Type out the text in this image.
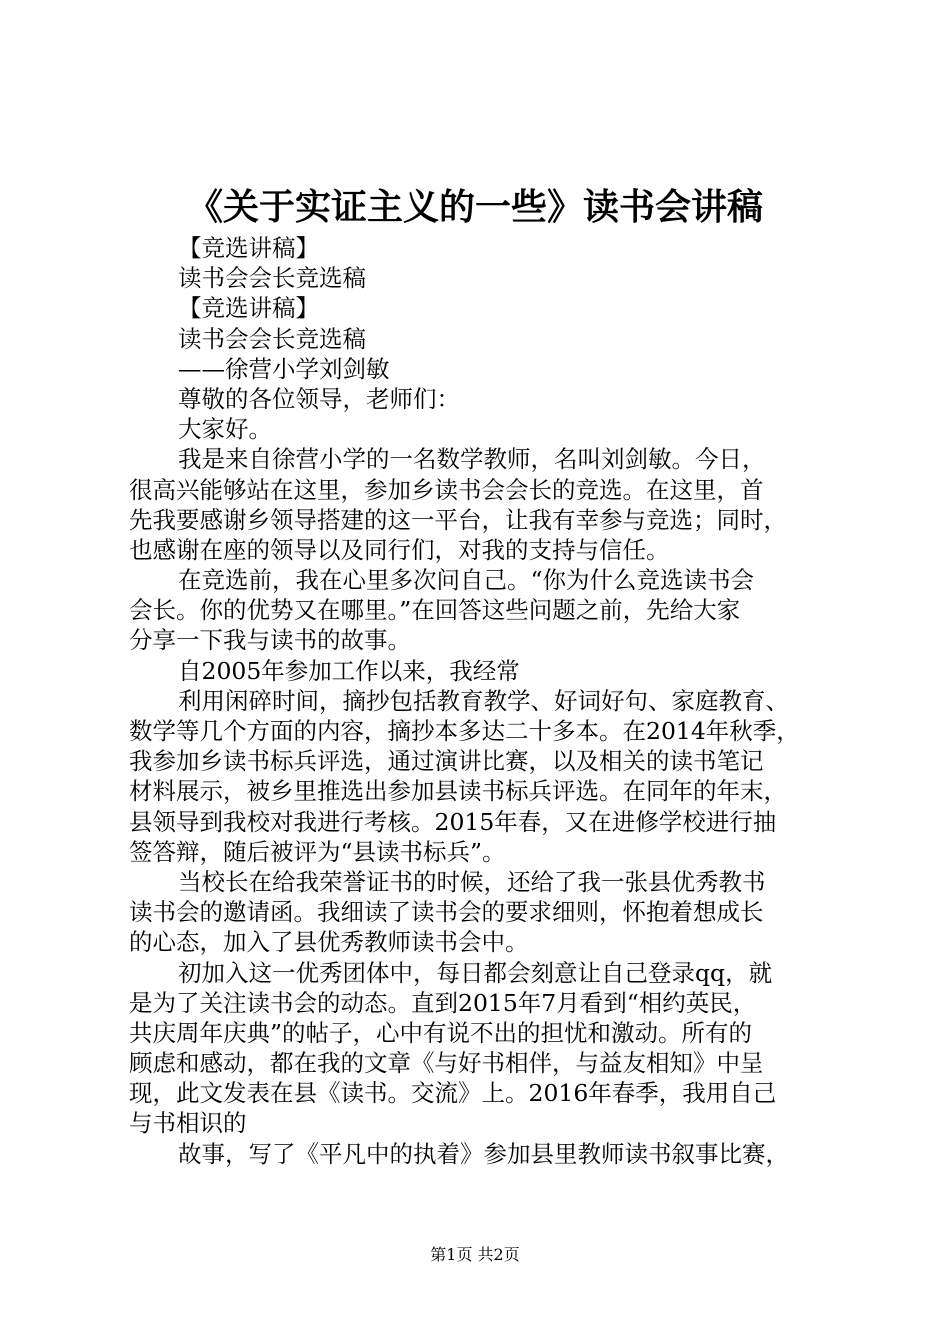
《关于实证主义的一些》读书会讲稿
【竞选讲稿】
读书会会长竞选稿
【竞选讲稿】
读书会会长竞选稿
——徐营小学刘剑敏
尊敬的各位领导，老师们：
大家好。
我是来自徐营小学的一名数学教师，名叫刘剑敏。今日，
很高兴能够站在这里，参加乡读书会会长的竞选。在这里，首
先我要感谢乡领导搭建的这一平台，让我有幸参与竞选；同时，
也感谢在座的领导以及同行们，对我的支持与信任。
在竞选前，我在心里多次问自己。“你为什么竞选读书会
会长。你的优势又在哪里。”在回答这些问题之前，先给大家
分享一下我与读书的故事。
自2005年参加工作以来，我经常
利用闲碎时间，摘抄包括教育教学、好词好句、家庭教育、
数学等几个方面的内容，摘抄本多达二十多本。在2014年秋季，
我参加乡读书标兵评选，通过演讲比赛，以及相关的读书笔记
材料展示，被乡里推选出参加县读书标兵评选。在同年的年末，
县领导到我校对我进行考核。2015年春，又在进修学校进行抽
签答辩，随后被评为“县读书标兵”。
当校长在给我荣誉证书的时候，还给了我一张县优秀教书
读书会的邀请函。我细读了读书会的要求细则，怀抱着想成长
的心态，加入了县优秀教师读书会中。
初加入这一优秀团体中，每日都会刻意让自己登录qq，就
是为了关注读书会的动态。直到2015年7月看到“相约英民，
共庆周年庆典”的帖子，心中有说不出的担忧和激动。所有的
顾虑和感动，都在我的文章《与好书相伴，与益友相知》中呈
现，此文发表在县《读书。交流》上。2016年春季，我用自己
与书相识的
故事，写了《平凡中的执着》参加县里教师读书叙事比赛，
第1页 共2页
